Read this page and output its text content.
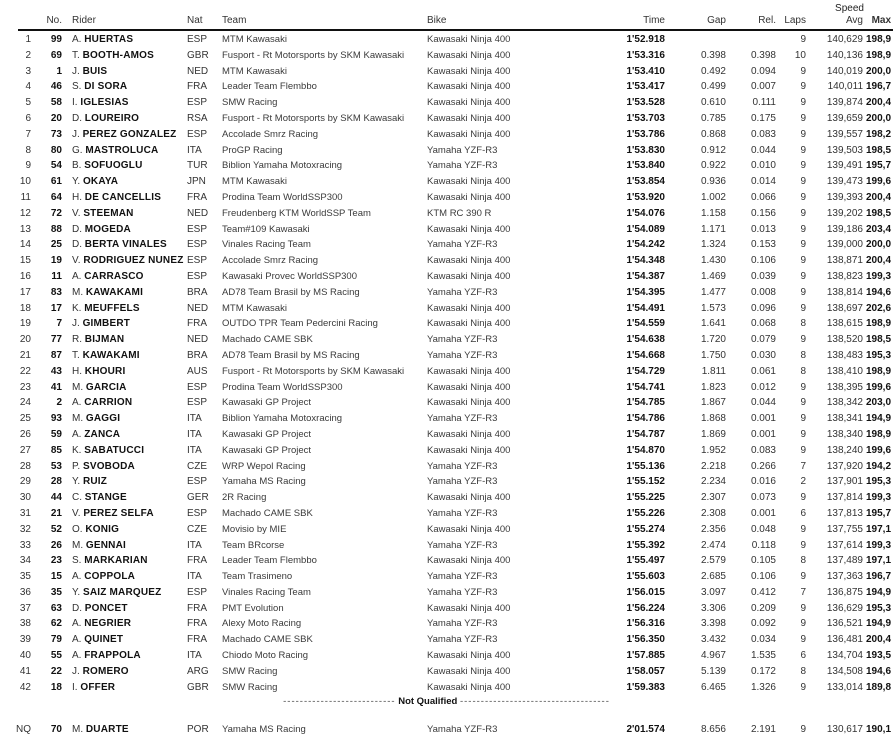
										Speed	
	No.	Rider	Nat	Team	Bike	Time	Gap	Rel.	Laps	Avg	Max

1	99	A. HUERTAS	ESP	MTM Kawasaki	Kawasaki Ninja 400	1'52.918			9	140,629	198,9
2	69	T. BOOTH-AMOS	GBR	Fusport - Rt Motorsports by SKM Kawasaki	Kawasaki Ninja 400	1'53.316	0.398	0.398	10	140,136	198,9
3	1	J. BUIS	NED	MTM Kawasaki	Kawasaki Ninja 400	1'53.410	0.492	0.094	9	140,019	200,0
4	46	S. DI SORA	FRA	Leader Team Flembbo	Kawasaki Ninja 400	1'53.417	0.499	0.007	9	140,011	196,7
5	58	I. IGLESIAS	ESP	SMW Racing	Kawasaki Ninja 400	1'53.528	0.610	0.111	9	139,874	200,4
6	20	D. LOUREIRO	RSA	Fusport - Rt Motorsports by SKM Kawasaki	Kawasaki Ninja 400	1'53.703	0.785	0.175	9	139,659	200,0
7	73	J. PEREZ GONZALEZ	ESP	Accolade Smrz Racing	Kawasaki Ninja 400	1'53.786	0.868	0.083	9	139,557	198,2
8	80	G. MASTROLUCA	ITA	ProGP Racing	Yamaha YZF-R3	1'53.830	0.912	0.044	9	139,503	198,5
9	54	B. SOFUOGLU	TUR	Biblion Yamaha Motoxracing	Yamaha YZF-R3	1'53.840	0.922	0.010	9	139,491	195,7
10	61	Y. OKAYA	JPN	MTM Kawasaki	Kawasaki Ninja 400	1'53.854	0.936	0.014	9	139,473	199,6
11	64	H. DE CANCELLIS	FRA	Prodina Team WorldSSP300	Kawasaki Ninja 400	1'53.920	1.002	0.066	9	139,393	200,4
12	72	V. STEEMAN	NED	Freudenberg KTM WorldSSP Team	KTM RC 390 R	1'54.076	1.158	0.156	9	139,202	198,5
13	88	D. MOGEDA	ESP	Team#109 Kawasaki	Kawasaki Ninja 400	1'54.089	1.171	0.013	9	139,186	203,4
14	25	D. BERTA VINALES	ESP	Vinales Racing Team	Yamaha YZF-R3	1'54.242	1.324	0.153	9	139,000	200,0
15	19	V. RODRIGUEZ NUNEZ	ESP	Accolade Smrz Racing	Kawasaki Ninja 400	1'54.348	1.430	0.106	9	138,871	200,4
16	11	A. CARRASCO	ESP	Kawasaki Provec WorldSSP300	Kawasaki Ninja 400	1'54.387	1.469	0.039	9	138,823	199,3
17	83	M. KAWAKAMI	BRA	AD78 Team Brasil by MS Racing	Yamaha YZF-R3	1'54.395	1.477	0.008	9	138,814	194,6
18	17	K. MEUFFELS	NED	MTM Kawasaki	Kawasaki Ninja 400	1'54.491	1.573	0.096	9	138,697	202,6
19	7	J. GIMBERT	FRA	OUTDO TPR Team Pedercini Racing	Kawasaki Ninja 400	1'54.559	1.641	0.068	8	138,615	198,9
20	77	R. BIJMAN	NED	Machado CAME SBK	Yamaha YZF-R3	1'54.638	1.720	0.079	9	138,520	198,5
21	87	T. KAWAKAMI	BRA	AD78 Team Brasil by MS Racing	Yamaha YZF-R3	1'54.668	1.750	0.030	8	138,483	195,3
22	43	H. KHOURI	AUS	Fusport - Rt Motorsports by SKM Kawasaki	Kawasaki Ninja 400	1'54.729	1.811	0.061	8	138,410	198,9
23	41	M. GARCIA	ESP	Prodina Team WorldSSP300	Kawasaki Ninja 400	1'54.741	1.823	0.012	9	138,395	199,6
24	2	A. CARRION	ESP	Kawasaki GP Project	Kawasaki Ninja 400	1'54.785	1.867	0.044	9	138,342	203,0
25	93	M. GAGGI	ITA	Biblion Yamaha Motoxracing	Yamaha YZF-R3	1'54.786	1.868	0.001	9	138,341	194,9
26	59	A. ZANCA	ITA	Kawasaki GP Project	Kawasaki Ninja 400	1'54.787	1.869	0.001	9	138,340	198,9
27	85	K. SABATUCCI	ITA	Kawasaki GP Project	Kawasaki Ninja 400	1'54.870	1.952	0.083	9	138,240	199,6
28	53	P. SVOBODA	CZE	WRP Wepol Racing	Yamaha YZF-R3	1'55.136	2.218	0.266	7	137,920	194,2
29	28	Y. RUIZ	ESP	Yamaha MS Racing	Yamaha YZF-R3	1'55.152	2.234	0.016	2	137,901	195,3
30	44	C. STANGE	GER	2R Racing	Kawasaki Ninja 400	1'55.225	2.307	0.073	9	137,814	199,3
31	21	V. PEREZ SELFA	ESP	Machado CAME SBK	Yamaha YZF-R3	1'55.226	2.308	0.001	6	137,813	195,7
32	52	O. KONIG	CZE	Movisio by MIE	Kawasaki Ninja 400	1'55.274	2.356	0.048	9	137,755	197,1
33	26	M. GENNAI	ITA	Team BRcorse	Yamaha YZF-R3	1'55.392	2.474	0.118	9	137,614	199,3
34	23	S. MARKARIAN	FRA	Leader Team Flembbo	Kawasaki Ninja 400	1'55.497	2.579	0.105	8	137,489	197,1
35	15	A. COPPOLA	ITA	Team Trasimeno	Yamaha YZF-R3	1'55.603	2.685	0.106	9	137,363	196,7
36	35	Y. SAIZ MARQUEZ	ESP	Vinales Racing Team	Yamaha YZF-R3	1'56.015	3.097	0.412	7	136,875	194,9
37	63	D. PONCET	FRA	PMT Evolution	Kawasaki Ninja 400	1'56.224	3.306	0.209	9	136,629	195,3
38	62	A. NEGRIER	FRA	Alexy Moto Racing	Yamaha YZF-R3	1'56.316	3.398	0.092	9	136,521	194,9
39	79	A. QUINET	FRA	Machado CAME SBK	Yamaha YZF-R3	1'56.350	3.432	0.034	9	136,481	200,4
40	55	A. FRAPPOLA	ITA	Chiodo Moto Racing	Kawasaki Ninja 400	1'57.885	4.967	1.535	6	134,704	193,5
41	22	J. ROMERO	ARG	SMW Racing	Kawasaki Ninja 400	1'58.057	5.139	0.172	8	134,508	194,6
42	18	I. OFFER	GBR	SMW Racing	Kawasaki Ninja 400	1'59.383	6.465	1.326	9	133,014	189,8
--------------------------- Not Qualified ------------------------------------											

NQ	70	M. DUARTE	POR	Yamaha MS Racing	Yamaha YZF-R3	2'01.574	8.656	2.191	9	130,617	190,1
